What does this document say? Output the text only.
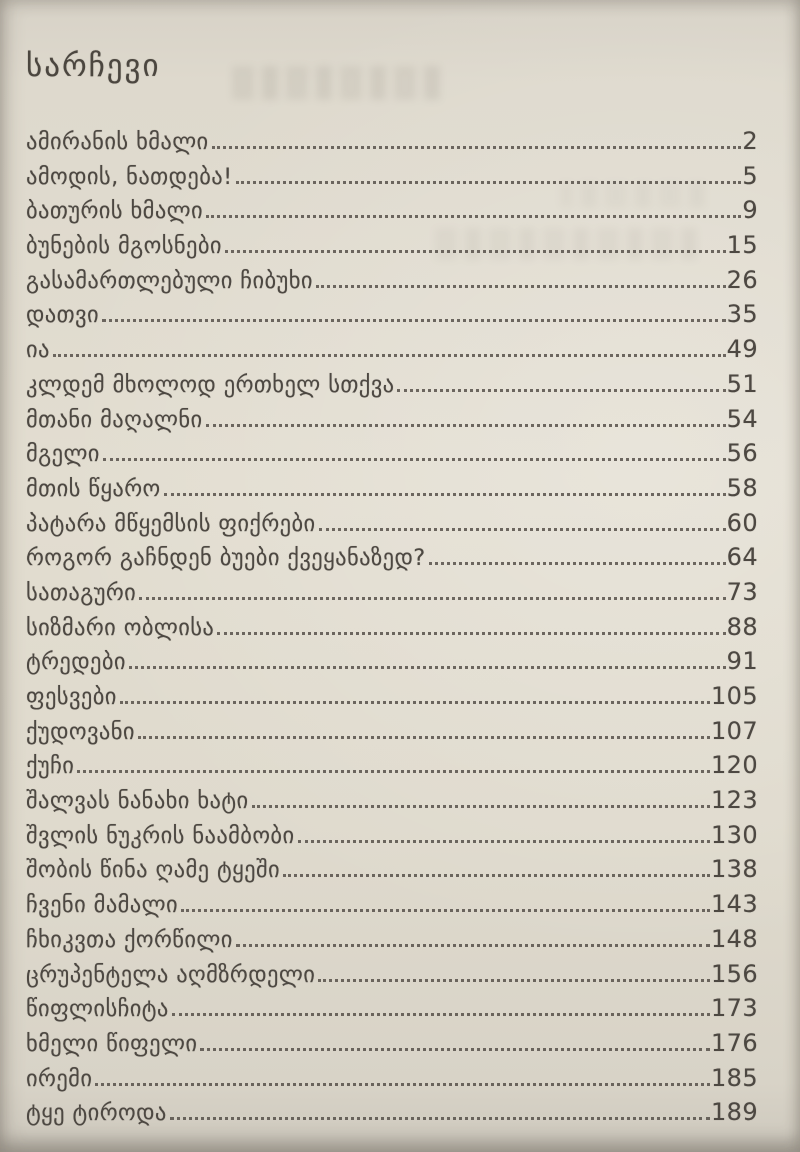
სარჩევი
ამირანის ხმალი	2
ამოდის, ნათდება!	5
ბათურის ხმალი	9
ბუნების მგოსნები	15
გასამართლებული ჩიბუხი	26
დათვი	35
ია	49
კლდემ მხოლოდ ერთხელ სთქვა	51
მთანი მაღალნი	54
მგელი	56
მთის წყარო	58
პატარა მწყემსის ფიქრები	60
როგორ გაჩნდენ ბუები ქვეყანაზედ?	64
სათაგური	73
სიზმარი ობლისა	88
ტრედები	91
ფესვები	105
ქუდოვანი	107
ქუჩი	120
შალვას ნანახი ხატი	123
შვლის ნუკრის ნაამბობი	130
შობის წინა ღამე ტყეში	138
ჩვენი მამალი	143
ჩხიკვთა ქორწილი	148
ცრუპენტელა აღმზრდელი	156
წიფლისჩიტა	173
ხმელი წიფელი	176
ირემი	185
ტყე ტიროდა	189
